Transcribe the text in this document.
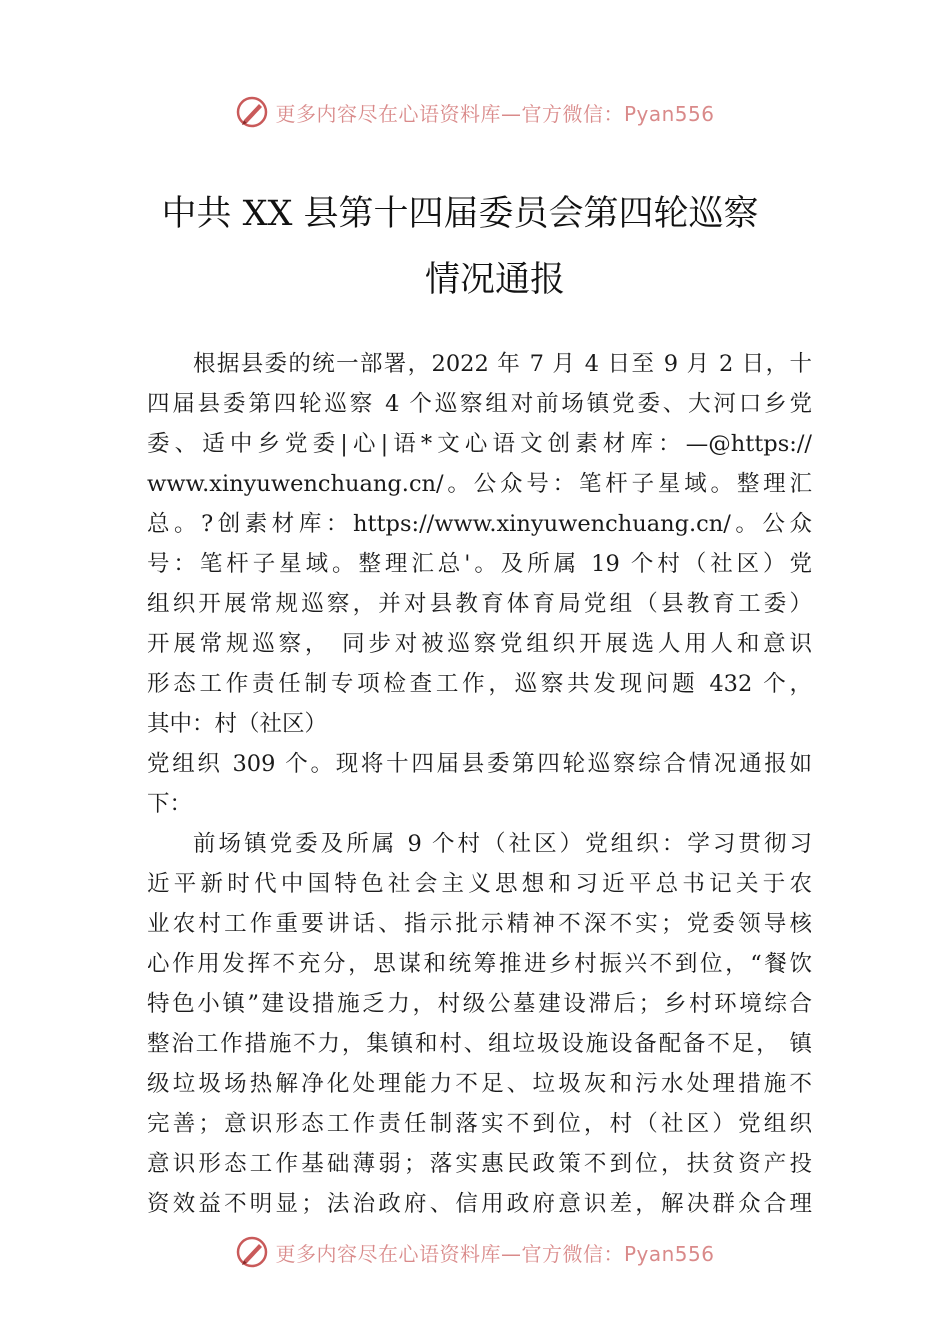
更多内容尽在心语资料库—官方微信：Pyan556
中共 XX 县第十四届委员会第四轮巡察
情况通报
根据县委的统一部署，2022 年 7 月 4 日至 9 月 2 日，十
四届县委第四轮巡察 4 个巡察组对前场镇党委、大河口乡党
委、适中乡党委|心|语*文心语文创素材库：—@https://
www.xinyuwenchuang.cn/。公众号：笔杆子星域。整理汇
总。?创素材库：https://www.xinyuwenchuang.cn/。公众
号：笔杆子星域。整理汇总'。及所属 19 个村（社区）党
组织开展常规巡察，并对县教育体育局党组（县教育工委）
开展常规巡察， 同步对被巡察党组织开展选人用人和意识
形态工作责任制专项检查工作，巡察共发现问题 432 个，
其中：村（社区）
党组织 309 个。现将十四届县委第四轮巡察综合情况通报如
下：
前场镇党委及所属 9 个村（社区）党组织：学习贯彻习
近平新时代中国特色社会主义思想和习近平总书记关于农
业农村工作重要讲话、指示批示精神不深不实；党委领导核
心作用发挥不充分，思谋和统筹推进乡村振兴不到位，“餐饮
特色小镇”建设措施乏力，村级公墓建设滞后；乡村环境综合
整治工作措施不力，集镇和村、组垃圾设施设备配备不足， 镇
级垃圾场热解净化处理能力不足、垃圾灰和污水处理措施不
完善；意识形态工作责任制落实不到位，村（社区）党组织
意识形态工作基础薄弱；落实惠民政策不到位，扶贫资产投
资效益不明显；法治政府、信用政府意识差，解决群众合理
更多内容尽在心语资料库—官方微信：Pyan556
